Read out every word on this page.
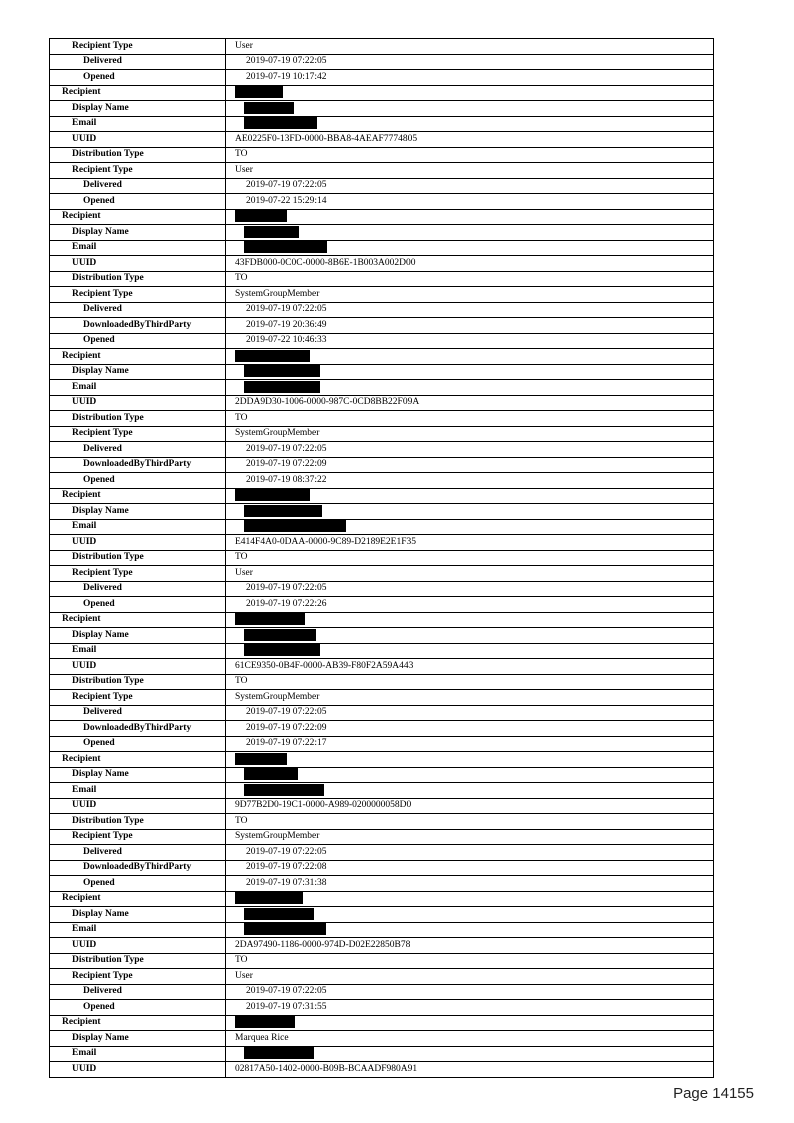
Recipient Type	User
Delivered	2019-07-19 07:22:05
Opened	2019-07-19 10:17:42
Recipient	
Display Name	
Email	
UUID	AE0225F0-13FD-0000-BBA8-4AEAF7774805
Distribution Type	TO
Recipient Type	User
Delivered	2019-07-19 07:22:05
Opened	2019-07-22 15:29:14
Recipient	
Display Name	
Email	
UUID	43FDB000-0C0C-0000-8B6E-1B003A002D00
Distribution Type	TO
Recipient Type	SystemGroupMember
Delivered	2019-07-19 07:22:05
DownloadedByThirdParty	2019-07-19 20:36:49
Opened	2019-07-22 10:46:33
Recipient	
Display Name	
Email	
UUID	2DDA9D30-1006-0000-987C-0CD8BB22F09A
Distribution Type	TO
Recipient Type	SystemGroupMember
Delivered	2019-07-19 07:22:05
DownloadedByThirdParty	2019-07-19 07:22:09
Opened	2019-07-19 08:37:22
Recipient	
Display Name	
Email	
UUID	E414F4A0-0DAA-0000-9C89-D2189E2E1F35
Distribution Type	TO
Recipient Type	User
Delivered	2019-07-19 07:22:05
Opened	2019-07-19 07:22:26
Recipient	
Display Name	
Email	
UUID	61CE9350-0B4F-0000-AB39-F80F2A59A443
Distribution Type	TO
Recipient Type	SystemGroupMember
Delivered	2019-07-19 07:22:05
DownloadedByThirdParty	2019-07-19 07:22:09
Opened	2019-07-19 07:22:17
Recipient	
Display Name	
Email	
UUID	9D77B2D0-19C1-0000-A989-0200000058D0
Distribution Type	TO
Recipient Type	SystemGroupMember
Delivered	2019-07-19 07:22:05
DownloadedByThirdParty	2019-07-19 07:22:08
Opened	2019-07-19 07:31:38
Recipient	
Display Name	
Email	
UUID	2DA97490-1186-0000-974D-D02E22850B78
Distribution Type	TO
Recipient Type	User
Delivered	2019-07-19 07:22:05
Opened	2019-07-19 07:31:55
Recipient	
Display Name	Marquea Rice
Email	
UUID	02817A50-1402-0000-B09B-BCAADF980A91
Page 14155
